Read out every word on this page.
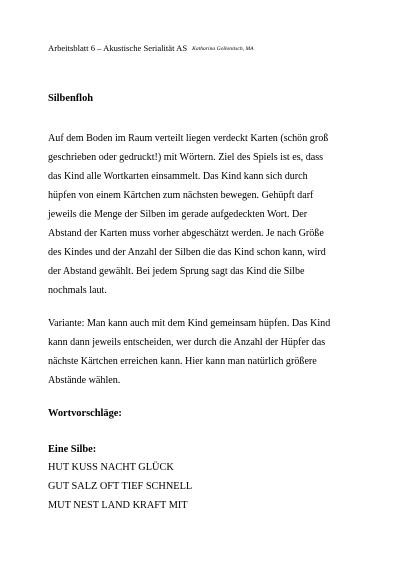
Arbeitsblatt 6 – Akustische Serialität AS Katharina Gollonitsch, MA
Silbenfloh
Auf dem Boden im Raum verteilt liegen verdeckt Karten (schön groß
geschrieben oder gedruckt!) mit Wörtern. Ziel des Spiels ist es, dass
das Kind alle Wortkarten einsammelt. Das Kind kann sich durch
hüpfen von einem Kärtchen zum nächsten bewegen. Gehüpft darf
jeweils die Menge der Silben im gerade aufgedeckten Wort. Der
Abstand der Karten muss vorher abgeschätzt werden. Je nach Größe
des Kindes und der Anzahl der Silben die das Kind schon kann, wird
der Abstand gewählt. Bei jedem Sprung sagt das Kind die Silbe
nochmals laut.
Variante: Man kann auch mit dem Kind gemeinsam hüpfen. Das Kind
kann dann jeweils entscheiden, wer durch die Anzahl der Hüpfer das
nächste Kärtchen erreichen kann. Hier kann man natürlich größere
Abstände wählen.
Wortvorschläge:
Eine Silbe:
HUT KUSS NACHT GLÜCK
GUT SALZ OFT TIEF SCHNELL
MUT NEST LAND KRAFT MIT
